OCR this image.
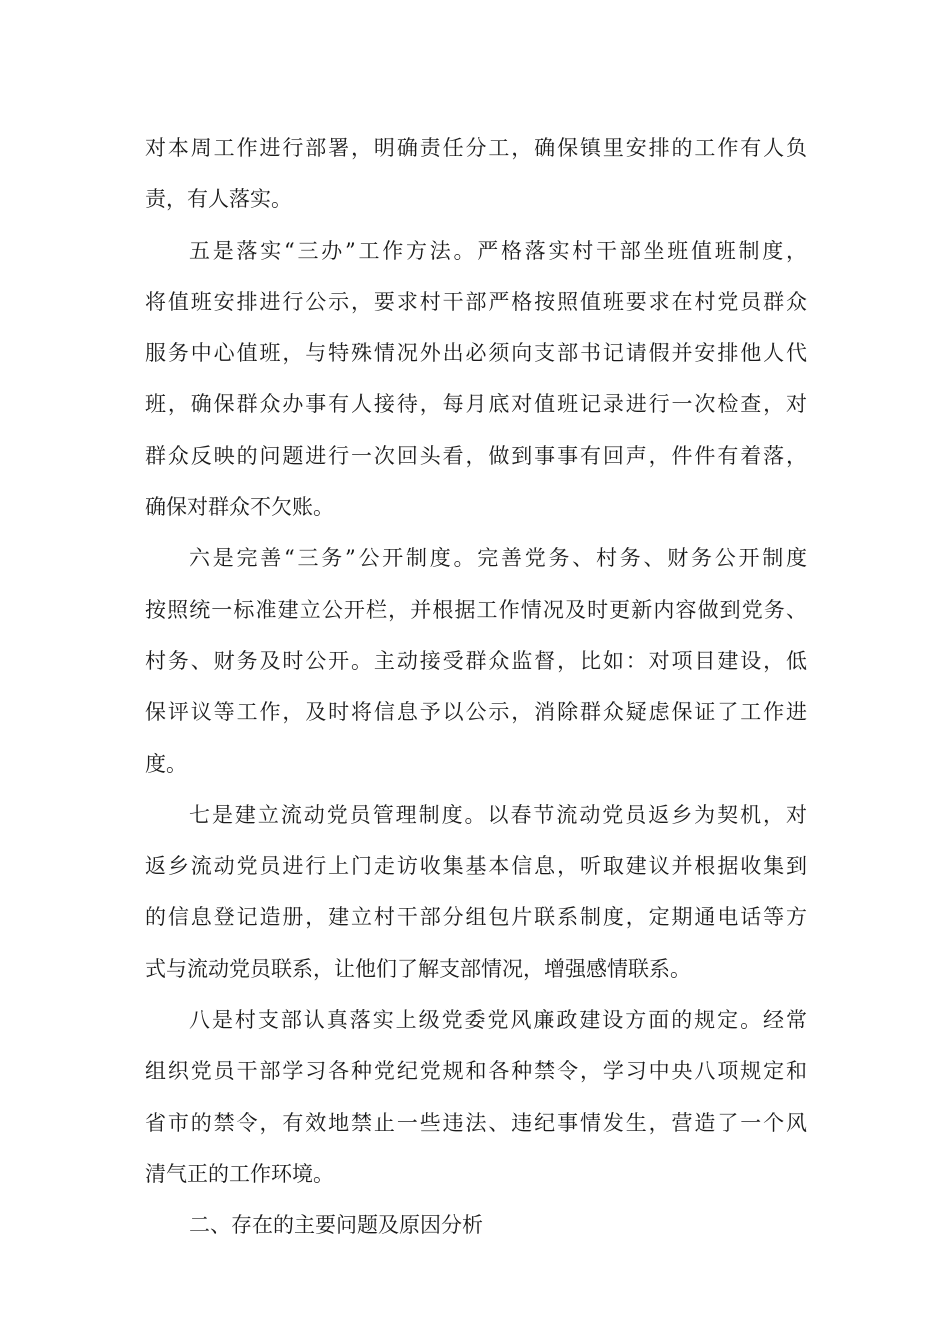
对本周工作进行部署，明确责任分工，确保镇里安排的工作有人负
责，有人落实。
五是落实“三办”工作方法。严格落实村干部坐班值班制度，
将值班安排进行公示，要求村干部严格按照值班要求在村党员群众
服务中心值班，与特殊情况外出必须向支部书记请假并安排他人代
班，确保群众办事有人接待，每月底对值班记录进行一次检查，对
群众反映的问题进行一次回头看，做到事事有回声，件件有着落，
确保对群众不欠账。
六是完善“三务”公开制度。完善党务、村务、财务公开制度
按照统一标准建立公开栏，并根据工作情况及时更新内容做到党务、
村务、财务及时公开。主动接受群众监督，比如：对项目建设，低
保评议等工作，及时将信息予以公示，消除群众疑虑保证了工作进
度。
七是建立流动党员管理制度。以春节流动党员返乡为契机，对
返乡流动党员进行上门走访收集基本信息，听取建议并根据收集到
的信息登记造册，建立村干部分组包片联系制度，定期通电话等方
式与流动党员联系，让他们了解支部情况，增强感情联系。
八是村支部认真落实上级党委党风廉政建设方面的规定。经常
组织党员干部学习各种党纪党规和各种禁令，学习中央八项规定和
省市的禁令，有效地禁止一些违法、违纪事情发生，营造了一个风
清气正的工作环境。
二、存在的主要问题及原因分析
